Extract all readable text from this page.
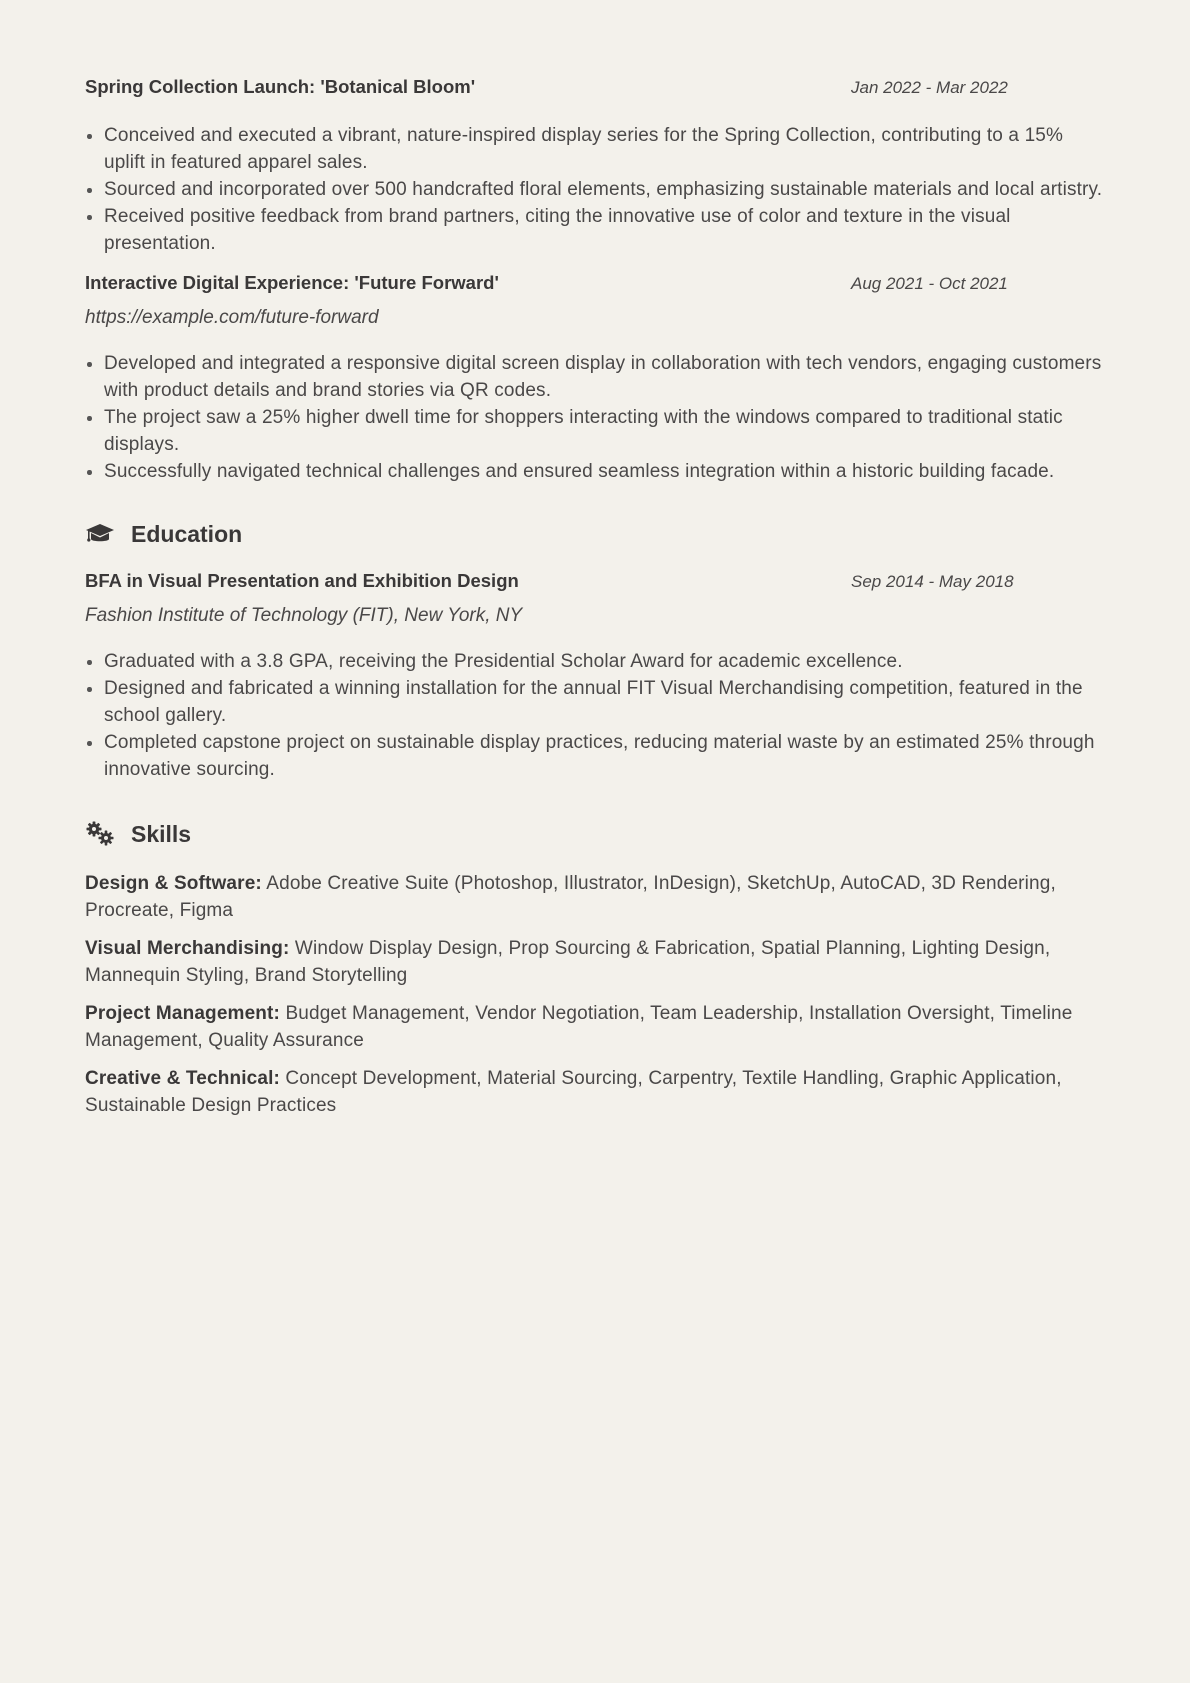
Spring Collection Launch: 'Botanical Bloom'	Jan 2022 - Mar 2022
Conceived and executed a vibrant, nature-inspired display series for the Spring Collection, contributing to a 15% uplift in featured apparel sales.
Sourced and incorporated over 500 handcrafted floral elements, emphasizing sustainable materials and local artistry.
Received positive feedback from brand partners, citing the innovative use of color and texture in the visual presentation.
Interactive Digital Experience: 'Future Forward'	Aug 2021 - Oct 2021
https://example.com/future-forward
Developed and integrated a responsive digital screen display in collaboration with tech vendors, engaging customers with product details and brand stories via QR codes.
The project saw a 25% higher dwell time for shoppers interacting with the windows compared to traditional static displays.
Successfully navigated technical challenges and ensured seamless integration within a historic building facade.
Education
BFA in Visual Presentation and Exhibition Design	Sep 2014 - May 2018
Fashion Institute of Technology (FIT), New York, NY
Graduated with a 3.8 GPA, receiving the Presidential Scholar Award for academic excellence.
Designed and fabricated a winning installation for the annual FIT Visual Merchandising competition, featured in the school gallery.
Completed capstone project on sustainable display practices, reducing material waste by an estimated 25% through innovative sourcing.
Skills
Design & Software: Adobe Creative Suite (Photoshop, Illustrator, InDesign), SketchUp, AutoCAD, 3D Rendering, Procreate, Figma
Visual Merchandising: Window Display Design, Prop Sourcing & Fabrication, Spatial Planning, Lighting Design, Mannequin Styling, Brand Storytelling
Project Management: Budget Management, Vendor Negotiation, Team Leadership, Installation Oversight, Timeline Management, Quality Assurance
Creative & Technical: Concept Development, Material Sourcing, Carpentry, Textile Handling, Graphic Application, Sustainable Design Practices
